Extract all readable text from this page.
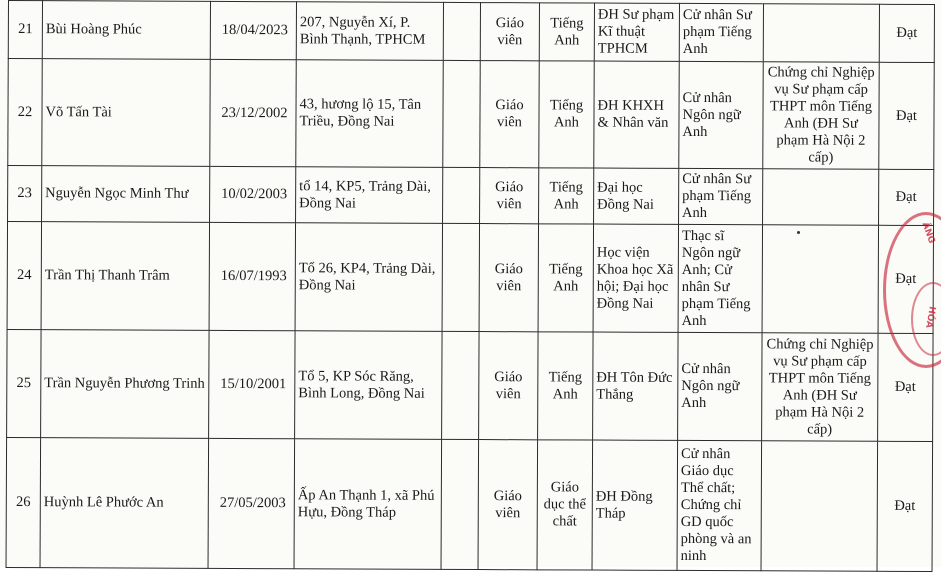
21	Bùi Hoàng Phúc	18/04/2023	207, Nguyễn Xí, P. Bình Thạnh, TPHCM		Giáo viên	Tiếng Anh	ĐH Sư phạm Kĩ thuật TPHCM	Cử nhân Sư phạm Tiếng Anh		Đạt
22	Võ Tấn Tài	23/12/2002	43, hương lộ 15, Tân Triều, Đồng Nai		Giáo viên	Tiếng Anh	ĐH KHXH & Nhân văn	Cử nhân Ngôn ngữ Anh	Chứng chỉ Nghiệp vụ Sư phạm cấp THPT môn Tiếng Anh (ĐH Sư phạm Hà Nội 2 cấp)	Đạt
23	Nguyễn Ngọc Minh Thư	10/02/2003	tổ 14, KP5, Trảng Dài, Đồng Nai		Giáo viên	Tiếng Anh	Đại học Đồng Nai	Cử nhân Sư phạm Tiếng Anh		Đạt
24	Trần Thị Thanh Trâm	16/07/1993	Tổ 26, KP4, Trảng Dài, Đồng Nai		Giáo viên	Tiếng Anh	Học viện Khoa học Xã hội; Đại học Đồng Nai	Thạc sĩ Ngôn ngữ Anh; Cử nhân Sư phạm Tiếng Anh		Đạt
25	Trần Nguyễn Phương Trinh	15/10/2001	Tổ 5, KP Sóc Răng, Bình Long, Đồng Nai		Giáo viên	Tiếng Anh	ĐH Tôn Đức Thắng	Cử nhân Ngôn ngữ Anh	Chứng chỉ Nghiệp vụ Sư phạm cấp THPT môn Tiếng Anh (ĐH Sư phạm Hà Nội 2 cấp)	Đạt
26	Huỳnh Lê Phước An	27/05/2003	Ấp An Thạnh 1, xã Phú Hựu, Đồng Tháp		Giáo viên	Giáo dục thể chất	ĐH Đồng Tháp	Cử nhân Giáo dục Thể chất; Chứng chỉ GD quốc phòng và an ninh		Đạt
ẤNG
HÓA
